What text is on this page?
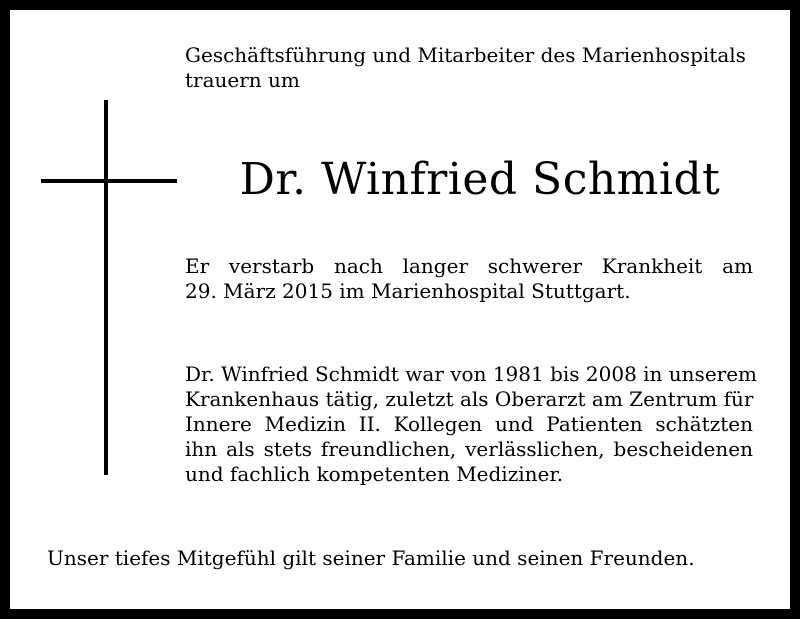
Geschäftsführung und Mitarbeiter des Marienhospitals
trauern um

Dr. Winfried Schmidt

Er verstarb nach langer schwerer Krankheit am
29. März 2015 im Marienhospital Stuttgart.

Dr. Winfried Schmidt war von 1981 bis 2008 in unserem
Krankenhaus tätig, zuletzt als Oberarzt am Zentrum für
Innere Medizin II. Kollegen und Patienten schätzten
ihn als stets freundlichen, verlässlichen, bescheidenen
und fachlich kompetenten Mediziner.

Unser tiefes Mitgefühl gilt seiner Familie und seinen Freunden.
